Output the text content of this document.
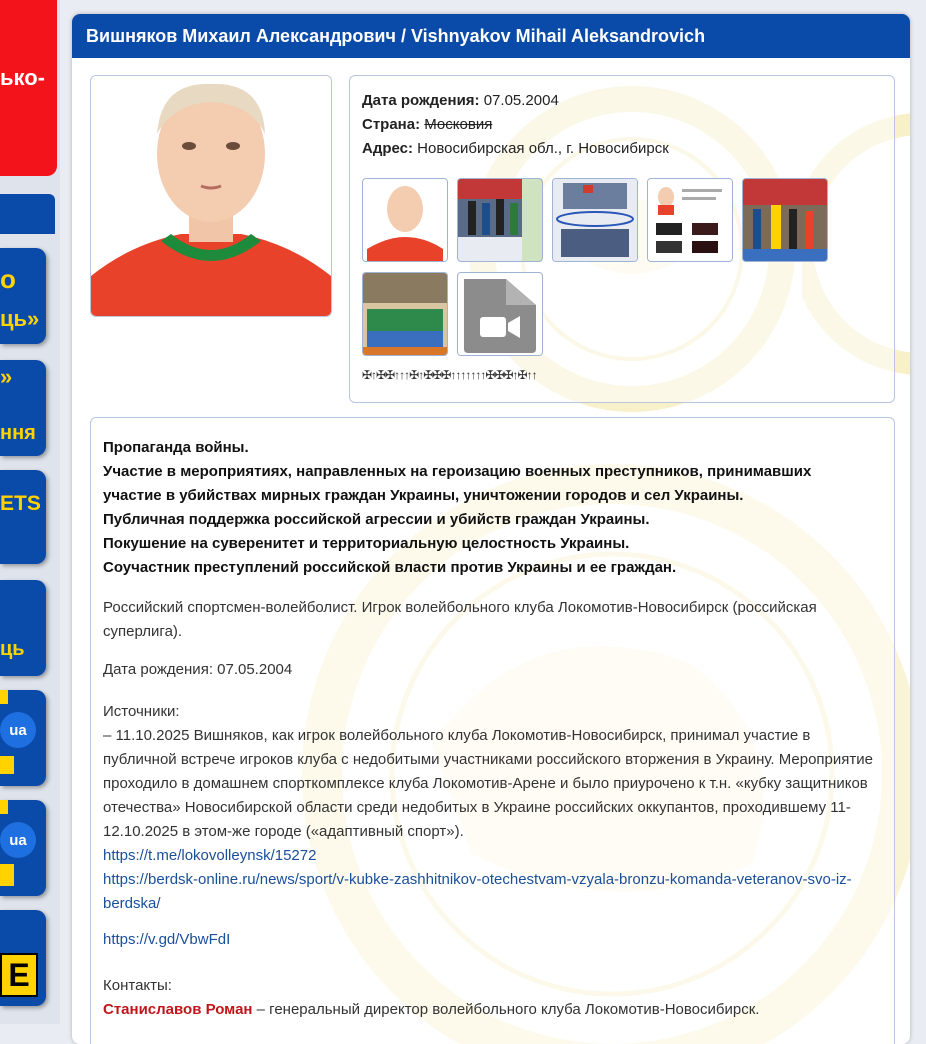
ько-
о
ць»
»
ння
ETS
ць
ua
ua
E
Вишняков Михаил Александрович / Vishnyakov Mihail Aleksandrovich
Дата рождения: 07.05.2004
Страна: Московия
Адрес: Новосибирская обл., г. Новосибирск
✠↑✠✠↑↑↑✠↑✠✠✠↑↑↑↑↑↑↑✠✠✠↑✠↑↑
Пропаганда войны.
Участие в мероприятиях, направленных на героизацию военных преступников, принимавших участие в убийствах мирных граждан Украины, уничтожении городов и сел Украины.
Публичная поддержка российской агрессии и убийств граждан Украины.
Покушение на суверенитет и территориальную целостность Украины.
Соучастник преступлений российской власти против Украины и ее граждан.
Российский спортсмен-волейболист. Игрок волейбольного клуба Локомотив-Новосибирск (российская суперлига).
Дата рождения: 07.05.2004
Источники:
– 11.10.2025 Вишняков, как игрок волейбольного клуба Локомотив-Новосибирск, принимал участие в публичной встрече игроков клуба с недобитыми участниками российского вторжения в Украину. Мероприятие проходило в домашнем спорткомплексе клуба Локомотив-Арене и было приурочено к т.н. «кубку защитников отечества» Новосибирской области среди недобитых в Украине российских оккупантов, проходившему 11-12.10.2025 в этом-же городе («адаптивный спорт»).
https://t.me/lokovolleynsk/15272
https://berdsk-online.ru/news/sport/v-kubke-zashhitnikov-otechestvam-vzyala-bronzu-komanda-veteranov-svo-iz-berdska/
https://v.gd/VbwFdI
Контакты:
Станиславов Роман – генеральный директор волейбольного клуба Локомотив-Новосибирск.
